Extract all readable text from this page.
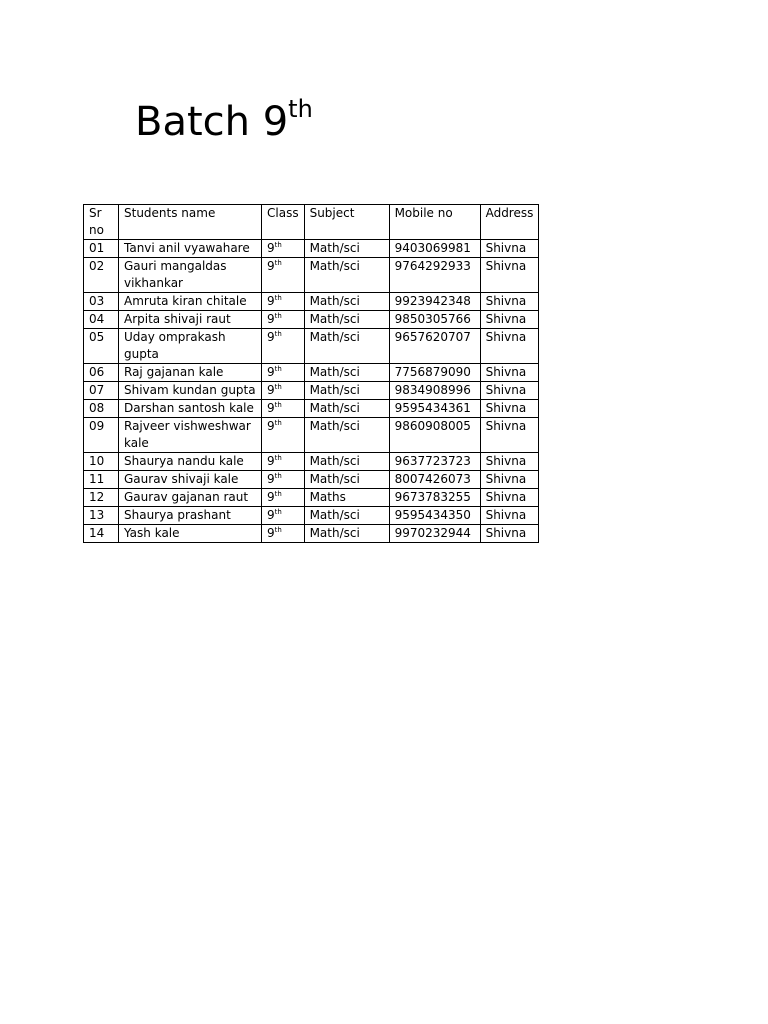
Batch 9th
Sr no	Students name	Class	Subject	Mobile no	Address
01	Tanvi anil vyawahare	9th	Math/sci	9403069981	Shivna
02	Gauri mangaldas vikhankar	9th	Math/sci	9764292933	Shivna
03	Amruta kiran chitale	9th	Math/sci	9923942348	Shivna
04	Arpita shivaji raut	9th	Math/sci	9850305766	Shivna
05	Uday omprakash gupta	9th	Math/sci	9657620707	Shivna
06	Raj gajanan kale	9th	Math/sci	7756879090	Shivna
07	Shivam kundan gupta	9th	Math/sci	9834908996	Shivna
08	Darshan santosh kale	9th	Math/sci	9595434361	Shivna
09	Rajveer vishweshwar kale	9th	Math/sci	9860908005	Shivna
10	Shaurya nandu kale	9th	Math/sci	9637723723	Shivna
11	Gaurav shivaji kale	9th	Math/sci	8007426073	Shivna
12	Gaurav gajanan raut	9th	Maths	9673783255	Shivna
13	Shaurya prashant	9th	Math/sci	9595434350	Shivna
14	Yash kale	9th	Math/sci	9970232944	Shivna
